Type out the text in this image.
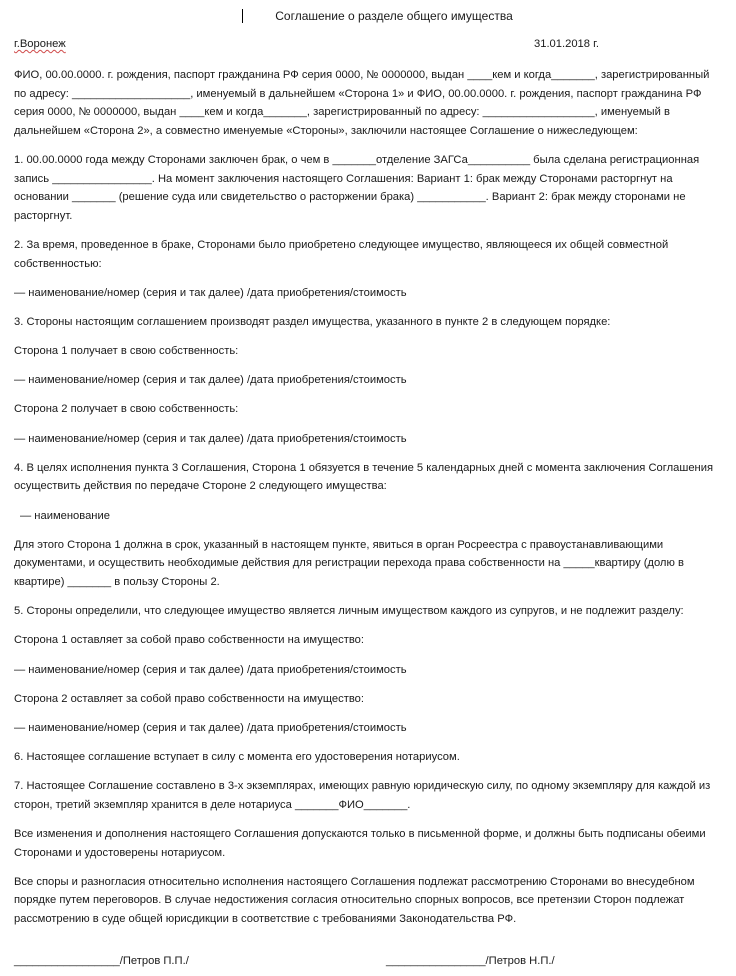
Соглашение о разделе общего имущества
г.Воронеж	31.01.2018 г.

ФИО, 00.00.0000. г. рождения, паспорт гражданина РФ серия 0000, № 0000000, выдан ____кем и когда_______, зарегистрированный по адресу: ___________________, именуемый в дальнейшем «Сторона 1» и ФИО, 00.00.0000. г. рождения, паспорт гражданина РФ серия 0000, № 0000000, выдан ____кем и когда_______, зарегистрированный по адресу: __________________, именуемый в дальнейшем «Сторона 2», а совместно именуемые «Стороны», заключили настоящее Соглашение о нижеследующем:

1. 00.00.0000 года между Сторонами заключен брак, о чем в _______отделение ЗАГСа__________ была сделана регистрационная запись ________________. На момент заключения настоящего Соглашения: Вариант 1: брак между Сторонами расторгнут на основании _______ (решение суда или свидетельство о расторжении брака) ___________. Вариант 2: брак между сторонами не расторгнут.

2. За время, проведенное в браке, Сторонами было приобретено следующее имущество, являющееся их общей совместной собственностью:

— наименование/номер (серия и так далее) /дата приобретения/стоимость

3. Стороны настоящим соглашением производят раздел имущества, указанного в пункте 2 в следующем порядке:

Сторона 1 получает в свою собственность:

— наименование/номер (серия и так далее) /дата приобретения/стоимость

Сторона 2 получает в свою собственность:

— наименование/номер (серия и так далее) /дата приобретения/стоимость

4. В целях исполнения пункта 3 Соглашения, Сторона 1 обязуется в течение 5 календарных дней с момента заключения Соглашения осуществить действия по передаче Стороне 2 следующего имущества:

— наименование

Для этого Сторона 1 должна в срок, указанный в настоящем пункте, явиться в орган Росреестра с правоустанавливающими документами, и осуществить необходимые действия для регистрации перехода права собственности на _____квартиру (долю в квартире) _______ в пользу Стороны 2.

5. Стороны определили, что следующее имущество является личным имуществом каждого из супругов, и не подлежит разделу:

Сторона 1 оставляет за собой право собственности на имущество:

— наименование/номер (серия и так далее) /дата приобретения/стоимость

Сторона 2 оставляет за собой право собственности на имущество:

— наименование/номер (серия и так далее) /дата приобретения/стоимость

6. Настоящее соглашение вступает в силу с момента его удостоверения нотариусом.

7. Настоящее Соглашение составлено в 3-х экземплярах, имеющих равную юридическую силу, по одному экземпляру для каждой из сторон, третий экземпляр хранится в деле нотариуса _______ФИО_______.

Все изменения и дополнения настоящего Соглашения допускаются только в письменной форме, и должны быть подписаны обеими Сторонами и удостоверены нотариусом.

Все споры и разногласия относительно исполнения настоящего Соглашения подлежат рассмотрению Сторонами во внесудебном порядке путем переговоров. В случае недостижения согласия относительно спорных вопросов, все претензии Сторон подлежат рассмотрению в суде общей юрисдикции в соответствие с требованиями Законодательства РФ.

_________________/Петров П.П./	________________/Петров Н.П./
